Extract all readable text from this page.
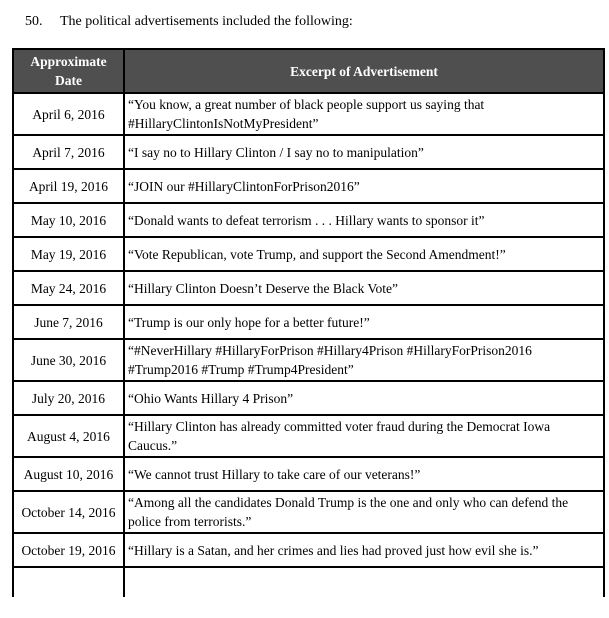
50. The political advertisements included the following:
Approximate Date	Excerpt of Advertisement
April 6, 2016	“You know, a great number of black people support us saying that #HillaryClintonIsNotMyPresident”
April 7, 2016	“I say no to Hillary Clinton / I say no to manipulation”
April 19, 2016	“JOIN our #HillaryClintonForPrison2016”
May 10, 2016	“Donald wants to defeat terrorism . . . Hillary wants to sponsor it”
May 19, 2016	“Vote Republican, vote Trump, and support the Second Amendment!”
May 24, 2016	“Hillary Clinton Doesn’t Deserve the Black Vote”
June 7, 2016	“Trump is our only hope for a better future!”
June 30, 2016	“#NeverHillary #HillaryForPrison #Hillary4Prison #HillaryForPrison2016 #Trump2016 #Trump #Trump4President”
July 20, 2016	“Ohio Wants Hillary 4 Prison”
August 4, 2016	“Hillary Clinton has already committed voter fraud during the Democrat Iowa Caucus.”
August 10, 2016	“We cannot trust Hillary to take care of our veterans!”
October 14, 2016	“Among all the candidates Donald Trump is the one and only who can defend the police from terrorists.”
October 19, 2016	“Hillary is a Satan, and her crimes and lies had proved just how evil she is.”
